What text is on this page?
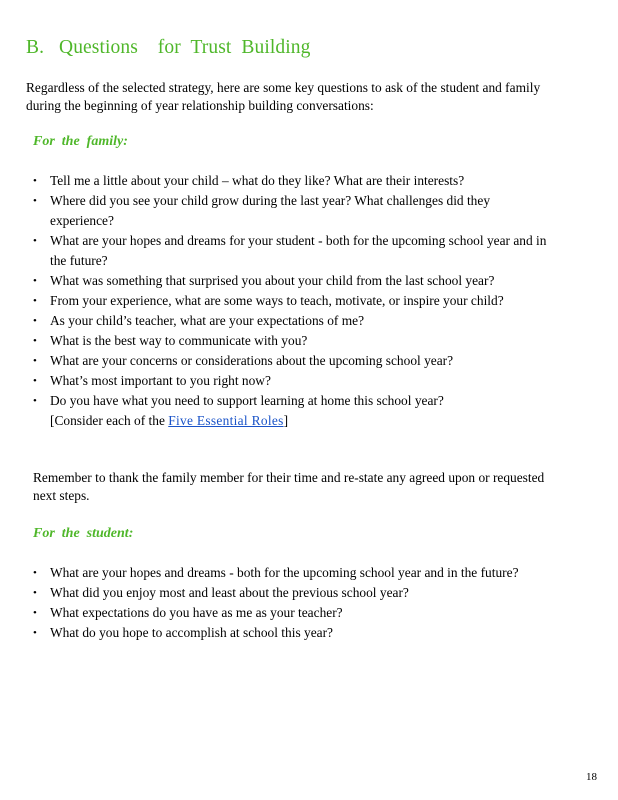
B.   Questions    for  Trust  Building

Regardless of the selected strategy, here are some key questions to ask of the student and family during the beginning of year relationship building conversations:

For  the  family:
• Tell me a little about your child – what do they like? What are their interests?
• Where did you see your child grow during the last year? What challenges did they experience?
• What are your hopes and dreams for your student - both for the upcoming school year and in the future?
• What was something that surprised you about your child from the last school year?
• From your experience, what are some ways to teach, motivate, or inspire your child?
• As your child’s teacher, what are your expectations of me?
• What is the best way to communicate with you?
• What are your concerns or considerations about the upcoming school year?
• What’s most important to you right now?
• Do you have what you need to support learning at home this school year?
[Consider each of the Five Essential Roles]

Remember to thank the family member for their time and re-state any agreed upon or requested next steps.

For  the  student:
• What are your hopes and dreams - both for the upcoming school year and in the future?
• What did you enjoy most and least about the previous school year?
• What expectations do you have as me as your teacher?
• What do you hope to accomplish at school this year?
18
